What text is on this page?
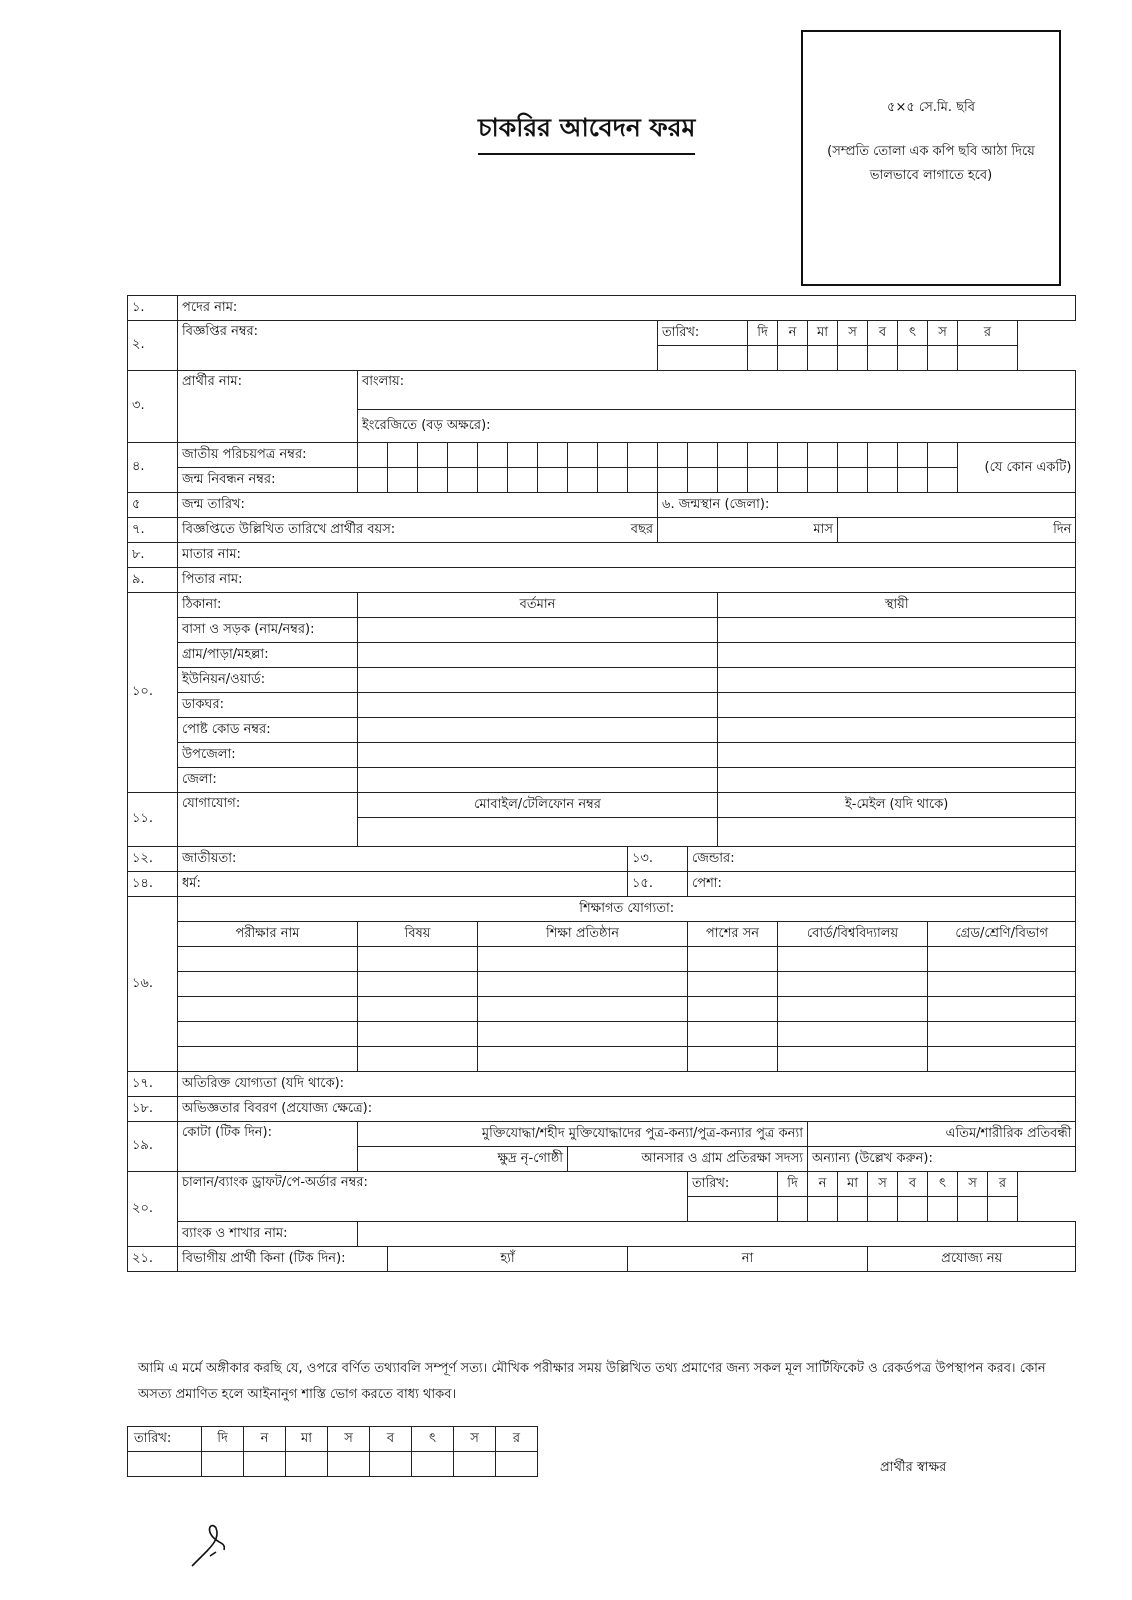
চাকরির আবেদন ফরম
৫×৫ সে.মি. ছবি
(সম্প্রতি তোলা এক কপি ছবি আঠা দিয়ে ভালভাবে লাগাতে হবে)
১.	পদের নাম:																						
২.	বিজ্ঞপ্তির নম্বর:											তারিখ:			দি	ন	মা	স	ব	ৎ	স	র	

৩.	প্রার্থীর নাম:	বাংলায়:																					
		ইংরেজিতে (বড় অক্ষরে):																					
৪.	জাতীয় পরিচয়পত্র নম্বর:																					(যে কোন একটি)	
	জন্ম নিবন্ধন নম্বর:																						
৫	জন্ম তারিখ:											৬. জন্মস্থান (জেলা):											
৭.	বিজ্ঞপ্তিতে উল্লিখিত তারিখে প্রার্থীর বয়স: বছর											মাস						দিন					
৮.	মাতার নাম:																						
৯.	পিতার নাম:																						
১০.	ঠিকানা:	বর্তমান												স্থায়ী									
	বাসা ও সড়ক (নাম/নম্বর):																						
	গ্রাম/পাড়া/মহল্লা:																						
	ইউনিয়ন/ওয়ার্ড:																						
	ডাকঘর:																						
	পোষ্ট কোড নম্বর:																						
	উপজেলা:																						
	জেলা:																						
১১.	যোগাযোগ:	মোবাইল/টেলিফোন নম্বর												ই-মেইল (যদি থাকে)									

১২.	জাতীয়তা:										১৩.		জেন্ডার:										
১৪.	ধর্ম:										১৫.		পেশা:										
১৬.	শিক্ষাগত যোগ্যতা:																						
	পরীক্ষার নাম	বিষয়				শিক্ষা প্রতিষ্ঠান							পাশের সন			বোর্ড/বিশ্ববিদ্যালয়					গ্রেড/শ্রেণি/বিভাগ		

১৭.	অতিরিক্ত যোগ্যতা (যদি থাকে):																						
১৮.	অভিজ্ঞতার বিবরণ (প্রযোজ্য ক্ষেত্রে):																						
১৯.	কোটা (টিক দিন):	মুক্তিযোদ্ধা/শহীদ মুক্তিযোদ্ধাদের পুত্র-কন্যা/পুত্র-কন্যার পুত্র কন্যা															এতিম/শারীরিক প্রতিবন্ধী						
		ক্ষুদ্র নৃ-গোষ্ঠী							আনসার ও গ্রাম প্রতিরক্ষা সদস্য								অন্যান্য (উল্লেখ করুন):						
২০.	চালান/ব্যাংক ড্রাফট/পে-অর্ডার নম্বর:												তারিখ:			দি	ন	মা	স	ব	ৎ	স	র

	ব্যাংক ও শাখার নাম:																						
২১.	বিভাগীয় প্রার্থী কিনা (টিক দিন):		হ্যাঁ								না								প্রযোজ্য নয়				
আমি এ মর্মে অঙ্গীকার করছি যে, ওপরে বর্ণিত তথ্যাবলি সম্পূর্ণ সত্য। মৌখিক পরীক্ষার সময় উল্লিখিত তথ্য প্রমাণের জন্য সকল মূল সার্টিফিকেট ও রেকর্ডপত্র উপস্থাপন করব। কোন অসত্য প্রমাণিত হলে আইনানুগ শাস্তি ভোগ করতে বাধ্য থাকব।
তারিখ:	দি	ন	মা	স	ব	ৎ	স	র

প্রার্থীর স্বাক্ষর
